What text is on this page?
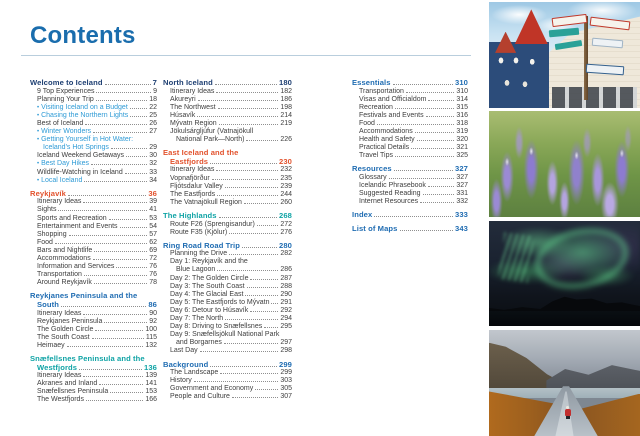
Contents
Welcome to Iceland	7
9 Top Experiences	9
Planning Your Trip	18
• Visiting Iceland on a Budget	22
• Chasing the Northern Lights	25
Best of Iceland	26
• Winter Wonders	27
• Getting Yourself in Hot Water:
Iceland's Hot Springs	29
Iceland Weekend Getaways	30
• Best Day Hikes	32
Wildlife-Watching in Iceland	33
• Local Iceland	34
Reykjavík	36
Itinerary Ideas	39
Sights	41
Sports and Recreation	53
Entertainment and Events	54
Shopping	57
Food	62
Bars and Nightlife	69
Accommodations	72
Information and Services	76
Transportation	76
Around Reykjavík	78
Reykjanes Peninsula and the
South	86
Itinerary Ideas	90
Reykjanes Peninsula	92
The Golden Circle	100
The South Coast	115
Heimaey	132
Snæfellsnes Peninsula and the
Westfjords	136
Itinerary Ideas	139
Akranes and Inland	141
Snæfellsnes Peninsula	153
The Westfjords	166
North Iceland	180
Itinerary Ideas	182
Akureyri	186
The Northwest	198
Húsavík	214
Mývatn Region	219
Jökulsárgljúfur (Vatnajökull
National Park—North)	226
East Iceland and the
Eastfjords	230
Itinerary Ideas	232
Vopnafjörður	235
Fljótsdalur Valley	239
The Eastfjords	244
The Vatnajökull Region	260
The Highlands	268
Route F26 (Sprengisandur)	272
Route F35 (Kjölur)	276
Ring Road Road Trip	280
Planning the Drive	282
Day 1: Reykjavík and the
Blue Lagoon	286
Day 2: The Golden Circle	287
Day 3: The South Coast	288
Day 4: The Glacial East	290
Day 5: The Eastfjords to Mývatn 291
Day 6: Detour to Húsavík	292
Day 7: The North	294
Day 8: Driving to Snæfellsnes	295
Day 9: Snæfellsjökull National Park
and Borgarnes	297
Last Day	298
Background	299
The Landscape	299
History	303
Government and Economy	305
People and Culture	307
Essentials	310
Transportation	310
Visas and Officialdom	314
Recreation	315
Festivals and Events	316
Food	318
Accommodations	319
Health and Safety	320
Practical Details	321
Travel Tips	325
Resources	327
Glossary	327
Icelandic Phrasebook	327
Suggested Reading	331
Internet Resources	332
Index	333
List of Maps	343
